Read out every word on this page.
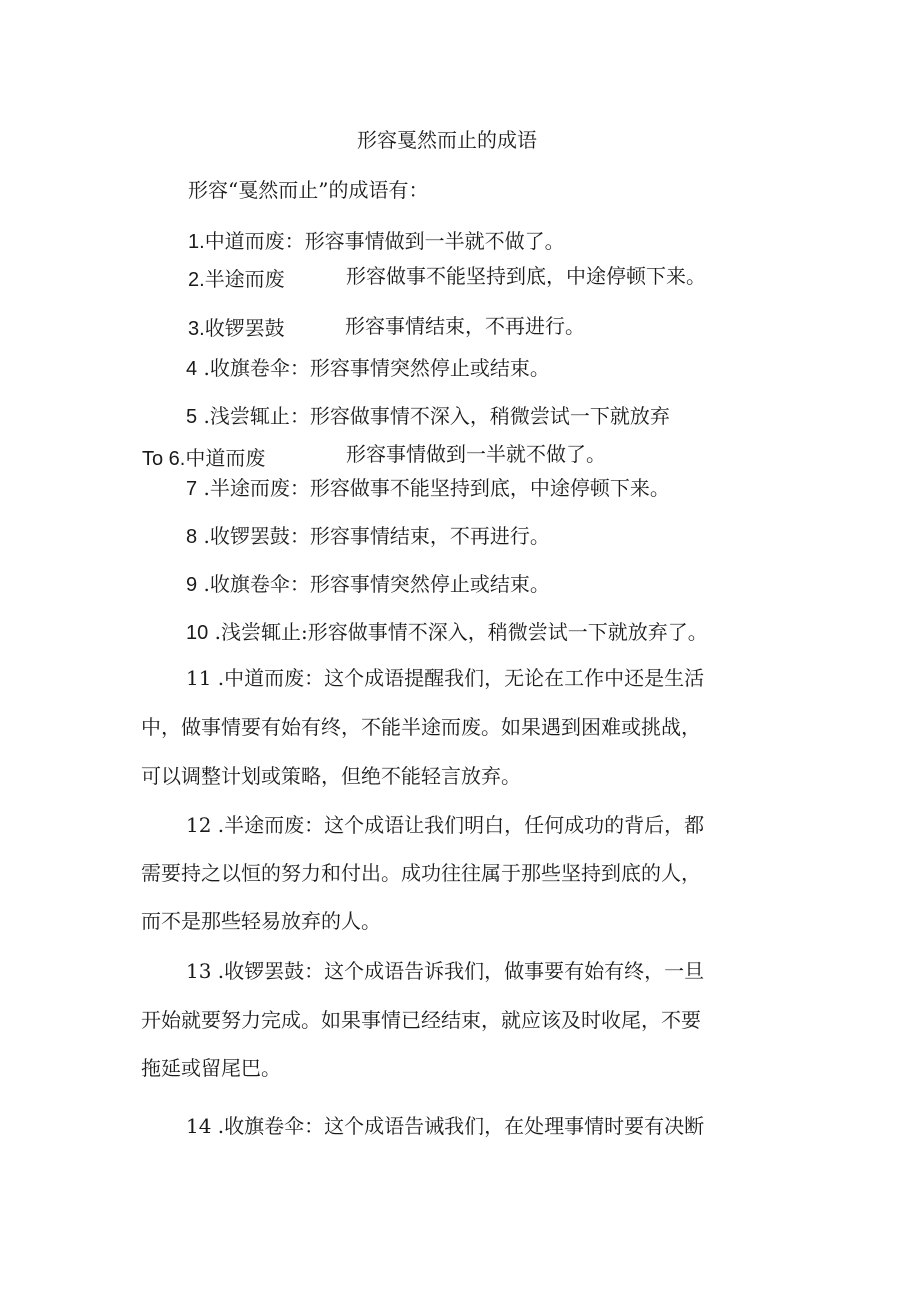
形容戛然而止的成语
形容“戛然而止”的成语有：
1.中道而废：形容事情做到一半就不做了。
2.半途而废	形容做事不能坚持到底，中途停顿下来。
3.收锣罢鼓	形容事情结束，不再进行。
4 .收旗卷伞：形容事情突然停止或结束。
5 .浅尝辄止：形容做事情不深入，稍微尝试一下就放弃
To 6.中道而废	形容事情做到一半就不做了。
7 .半途而废：形容做事不能坚持到底，中途停顿下来。
8 .收锣罢鼓：形容事情结束，不再进行。
9 .收旗卷伞：形容事情突然停止或结束。
10 .浅尝辄止:形容做事情不深入，稍微尝试一下就放弃了。
11 .中道而废：这个成语提醒我们，无论在工作中还是生活
中，做事情要有始有终，不能半途而废。如果遇到困难或挑战，
可以调整计划或策略，但绝不能轻言放弃。
12 .半途而废：这个成语让我们明白，任何成功的背后，都
需要持之以恒的努力和付出。成功往往属于那些坚持到底的人，
而不是那些轻易放弃的人。
13 .收锣罢鼓：这个成语告诉我们，做事要有始有终，一旦
开始就要努力完成。如果事情已经结束，就应该及时收尾，不要
拖延或留尾巴。
14 .收旗卷伞：这个成语告诫我们，在处理事情时要有决断
